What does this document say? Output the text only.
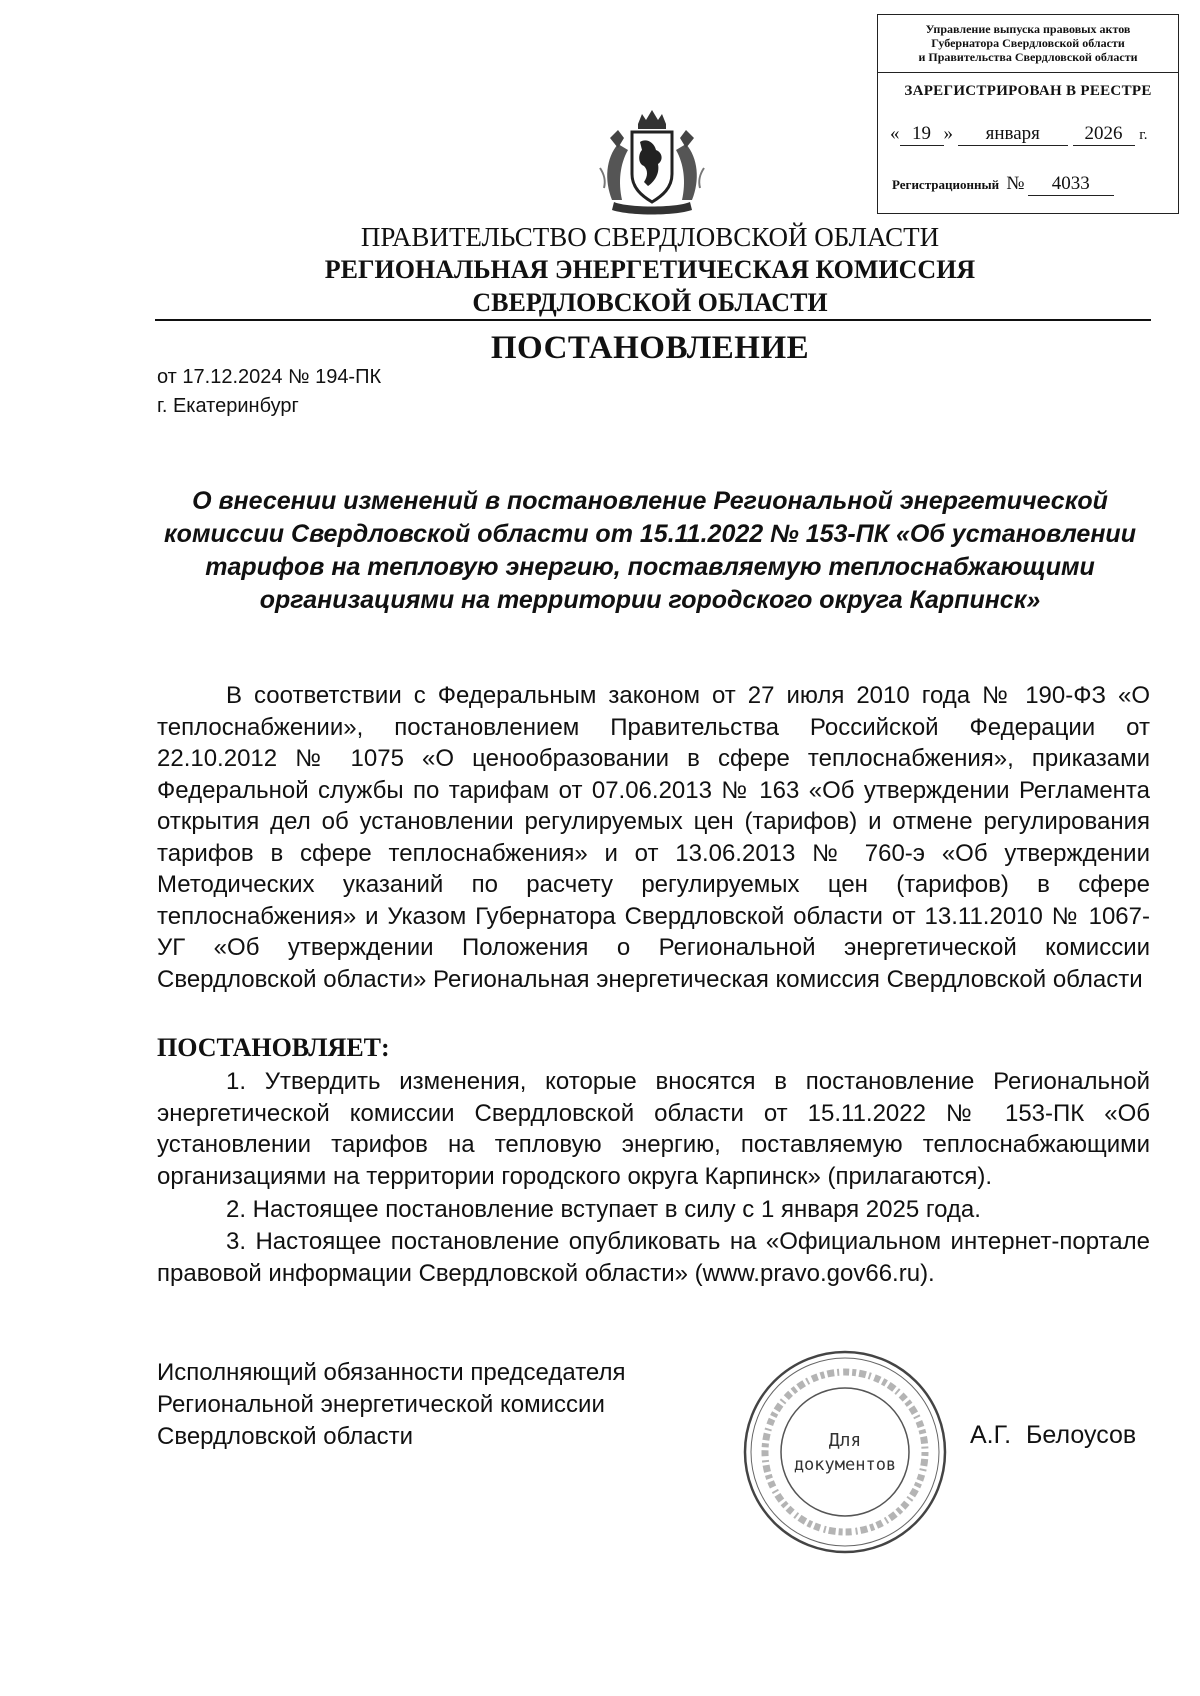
Управление выпуска правовых актов
Губернатора Свердловской области
и Правительства Свердловской области
ЗАРЕГИСТРИРОВАН В РЕЕСТРЕ
« 19 » января 2026 г.
Регистрационный № 4033
ПРАВИТЕЛЬСТВО СВЕРДЛОВСКОЙ ОБЛАСТИ
РЕГИОНАЛЬНАЯ ЭНЕРГЕТИЧЕСКАЯ КОМИССИЯ
СВЕРДЛОВСКОЙ ОБЛАСТИ
ПОСТАНОВЛЕНИЕ
от 17.12.2024 № 194-ПК
г. Екатеринбург
О внесении изменений в постановление Региональной энергетической комиссии Свердловской области от 15.11.2022 № 153-ПК «Об установлении тарифов на тепловую энергию, поставляемую теплоснабжающими организациями на территории городского округа Карпинск»
В соответствии с Федеральным законом от 27 июля 2010 года № 190-ФЗ «О теплоснабжении», постановлением Правительства Российской Федерации от 22.10.2012 № 1075 «О ценообразовании в сфере теплоснабжения», приказами Федеральной службы по тарифам от 07.06.2013 № 163 «Об утверждении Регламента открытия дел об установлении регулируемых цен (тарифов) и отмене регулирования тарифов в сфере теплоснабжения» и от 13.06.2013 № 760-э «Об утверждении Методических указаний по расчету регулируемых цен (тарифов) в сфере теплоснабжения» и Указом Губернатора Свердловской области от 13.11.2010 № 1067-УГ «Об утверждении Положения о Региональной энергетической комиссии Свердловской области» Региональная энергетическая комиссия Свердловской области
ПОСТАНОВЛЯЕТ:
1. Утвердить изменения, которые вносятся в постановление Региональной энергетической комиссии Свердловской области от 15.11.2022 № 153-ПК «Об установлении тарифов на тепловую энергию, поставляемую теплоснабжающими организациями на территории городского округа Карпинск» (прилагаются).
2. Настоящее постановление вступает в силу с 1 января 2025 года.
3. Настоящее постановление опубликовать на «Официальном интернет-портале правовой информации Свердловской области» (www.pravo.gov66.ru).
Исполняющий обязанности председателя
Региональной энергетической комиссии
Свердловской области	Для
документов
А.Г. Белоусов
